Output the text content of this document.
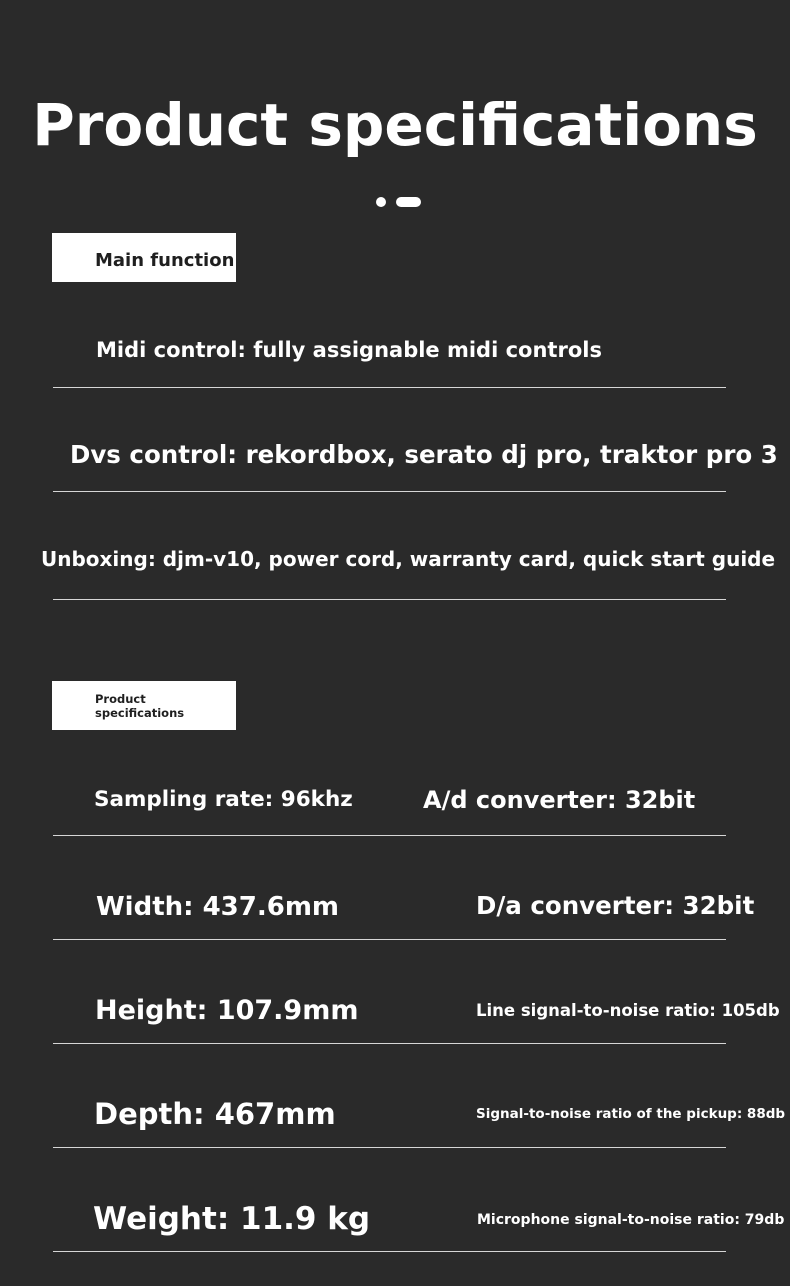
Product specifications
Main function
Midi control: fully assignable midi controls
Dvs control: rekordbox, serato dj pro, traktor pro 3
Unboxing: djm-v10, power cord, warranty card, quick start guide
Product specifications
Sampling rate: 96khz	A/d converter: 32bit
Width: 437.6mm	D/a converter: 32bit
Height: 107.9mm	Line signal-to-noise ratio: 105db
Depth: 467mm	Signal-to-noise ratio of the pickup: 88db
Weight: 11.9 kg	Microphone signal-to-noise ratio: 79db
